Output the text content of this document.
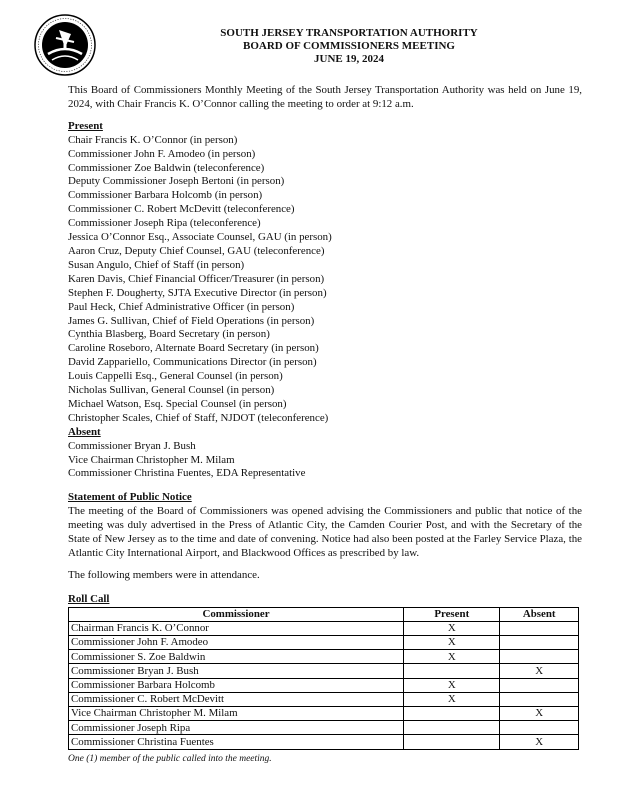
SOUTH JERSEY TRANSPORTATION AUTHORITY
BOARD OF COMMISSIONERS MEETING
JUNE 19, 2024

This Board of Commissioners Monthly Meeting of the South Jersey Transportation Authority was held on June 19, 2024, with Chair Francis K. O’Connor calling the meeting to order at 9:12 a.m.

Present

Chair Francis K. O’Connor (in person)

Commissioner John F. Amodeo (in person)

Commissioner Zoe Baldwin (teleconference)

Deputy Commissioner Joseph Bertoni (in person)

Commissioner Barbara Holcomb (in person)

Commissioner C. Robert McDevitt (teleconference)

Commissioner Joseph Ripa (teleconference)

Jessica O’Connor Esq., Associate Counsel, GAU (in person)

Aaron Cruz, Deputy Chief Counsel, GAU (teleconference)

Susan Angulo, Chief of Staff (in person)

Karen Davis, Chief Financial Officer/Treasurer (in person)

Stephen F. Dougherty, SJTA Executive Director (in person)

Paul Heck, Chief Administrative Officer (in person)

James G. Sullivan, Chief of Field Operations (in person)

Cynthia Blasberg, Board Secretary (in person)

Caroline Roseboro, Alternate Board Secretary (in person)

David Zappariello, Communications Director (in person)

Louis Cappelli Esq., General Counsel (in person)

Nicholas Sullivan, General Counsel (in person)

Michael Watson, Esq. Special Counsel (in person)

Christopher Scales, Chief of Staff, NJDOT (teleconference)

Absent

Commissioner Bryan J. Bush

Vice Chairman Christopher M. Milam

Commissioner Christina Fuentes, EDA Representative

Statement of Public Notice

The meeting of the Board of Commissioners was opened advising the Commissioners and public that notice of the meeting was duly advertised in the Press of Atlantic City, the Camden Courier Post, and with the Secretary of the State of New Jersey as to the time and date of convening. Notice had also been posted at the Farley Service Plaza, the Atlantic City International Airport, and Blackwood Offices as prescribed by law.

The following members were in attendance.

Roll Call

Commissioner	Present	Absent
Chairman Francis K. O’Connor	X	
Commissioner John F. Amodeo	X	
Commissioner S. Zoe Baldwin	X	
Commissioner Bryan J. Bush		X
Commissioner Barbara Holcomb	X	
Commissioner C. Robert McDevitt	X	
Vice Chairman Christopher M. Milam		X
Commissioner Joseph Ripa		
Commissioner Christina Fuentes		X

One (1) member of the public called into the meeting.
